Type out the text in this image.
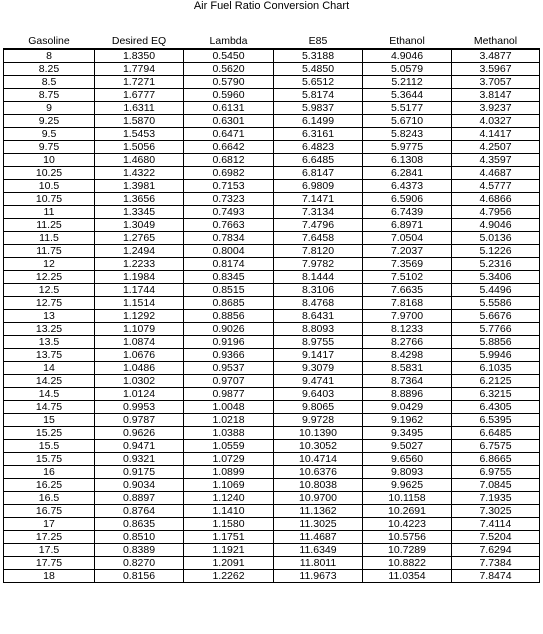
Air Fuel Ratio Conversion Chart
Gasoline	Desired EQ	Lambda	E85	Ethanol	Methanol
8	1.8350	0.5450	5.3188	4.9046	3.4877
8.25	1.7794	0.5620	5.4850	5.0579	3.5967
8.5	1.7271	0.5790	5.6512	5.2112	3.7057
8.75	1.6777	0.5960	5.8174	5.3644	3.8147
9	1.6311	0.6131	5.9837	5.5177	3.9237
9.25	1.5870	0.6301	6.1499	5.6710	4.0327
9.5	1.5453	0.6471	6.3161	5.8243	4.1417
9.75	1.5056	0.6642	6.4823	5.9775	4.2507
10	1.4680	0.6812	6.6485	6.1308	4.3597
10.25	1.4322	0.6982	6.8147	6.2841	4.4687
10.5	1.3981	0.7153	6.9809	6.4373	4.5777
10.75	1.3656	0.7323	7.1471	6.5906	4.6866
11	1.3345	0.7493	7.3134	6.7439	4.7956
11.25	1.3049	0.7663	7.4796	6.8971	4.9046
11.5	1.2765	0.7834	7.6458	7.0504	5.0136
11.75	1.2494	0.8004	7.8120	7.2037	5.1226
12	1.2233	0.8174	7.9782	7.3569	5.2316
12.25	1.1984	0.8345	8.1444	7.5102	5.3406
12.5	1.1744	0.8515	8.3106	7.6635	5.4496
12.75	1.1514	0.8685	8.4768	7.8168	5.5586
13	1.1292	0.8856	8.6431	7.9700	5.6676
13.25	1.1079	0.9026	8.8093	8.1233	5.7766
13.5	1.0874	0.9196	8.9755	8.2766	5.8856
13.75	1.0676	0.9366	9.1417	8.4298	5.9946
14	1.0486	0.9537	9.3079	8.5831	6.1035
14.25	1.0302	0.9707	9.4741	8.7364	6.2125
14.5	1.0124	0.9877	9.6403	8.8896	6.3215
14.75	0.9953	1.0048	9.8065	9.0429	6.4305
15	0.9787	1.0218	9.9728	9.1962	6.5395
15.25	0.9626	1.0388	10.1390	9.3495	6.6485
15.5	0.9471	1.0559	10.3052	9.5027	6.7575
15.75	0.9321	1.0729	10.4714	9.6560	6.8665
16	0.9175	1.0899	10.6376	9.8093	6.9755
16.25	0.9034	1.1069	10.8038	9.9625	7.0845
16.5	0.8897	1.1240	10.9700	10.1158	7.1935
16.75	0.8764	1.1410	11.1362	10.2691	7.3025
17	0.8635	1.1580	11.3025	10.4223	7.4114
17.25	0.8510	1.1751	11.4687	10.5756	7.5204
17.5	0.8389	1.1921	11.6349	10.7289	7.6294
17.75	0.8270	1.2091	11.8011	10.8822	7.7384
18	0.8156	1.2262	11.9673	11.0354	7.8474
